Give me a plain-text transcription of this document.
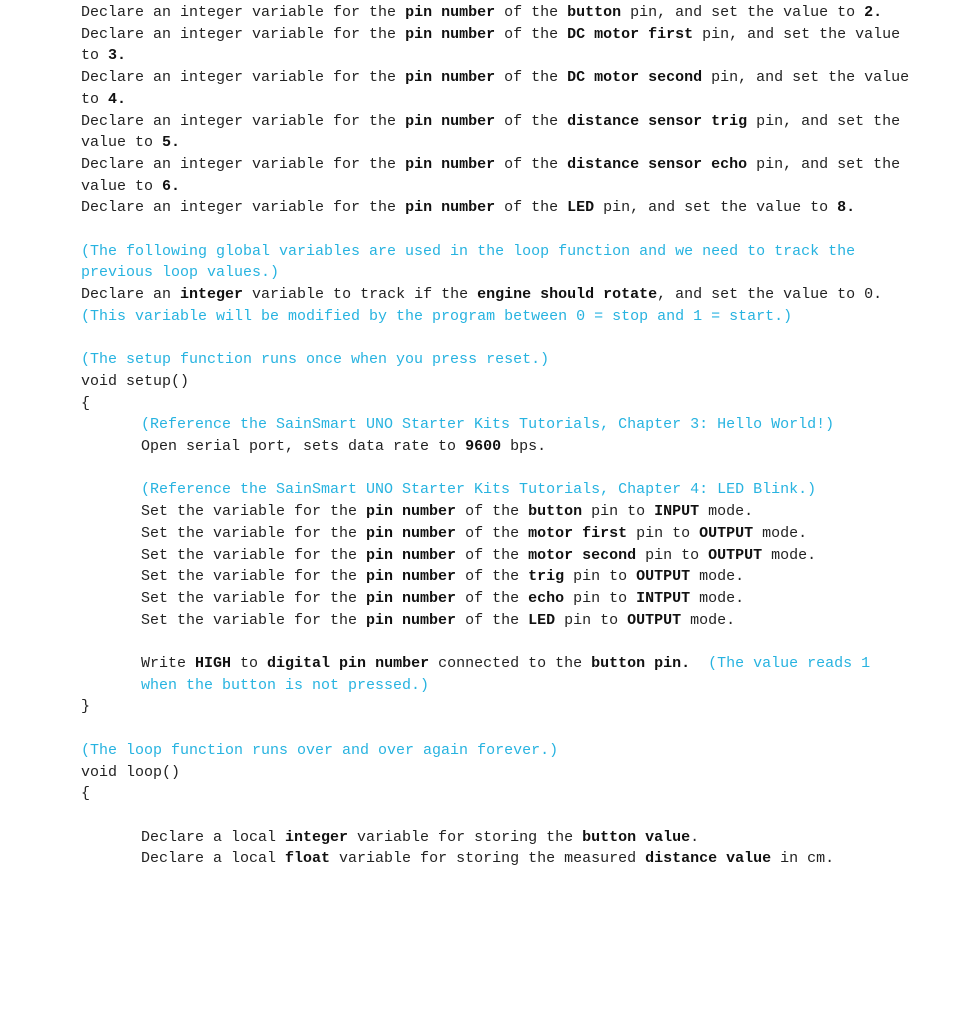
Declare an integer variable for the pin number of the button pin, and set the value to 2.
Declare an integer variable for the pin number of the DC motor first pin, and set the value to 3.
Declare an integer variable for the pin number of the DC motor second pin, and set the value to 4.
Declare an integer variable for the pin number of the distance sensor trig pin, and set the value to 5.
Declare an integer variable for the pin number of the distance sensor echo pin, and set the value to 6.
Declare an integer variable for the pin number of the LED pin, and set the value to 8.
(The following global variables are used in the loop function and we need to track the previous loop values.)
Declare an integer variable to track if the engine should rotate, and set the value to 0.  (This variable will be modified by the program between 0 = stop and 1 = start.)
(The setup function runs once when you press reset.)
void setup()
{
(Reference the SainSmart UNO Starter Kits Tutorials, Chapter 3: Hello World!)
Open serial port, sets data rate to 9600 bps.
(Reference the SainSmart UNO Starter Kits Tutorials, Chapter 4: LED Blink.)
Set the variable for the pin number of the button pin to INPUT mode.
Set the variable for the pin number of the motor first pin to OUTPUT mode.
Set the variable for the pin number of the motor second pin to OUTPUT mode.
Set the variable for the pin number of the trig pin to OUTPUT mode.
Set the variable for the pin number of the echo pin to INTPUT mode.
Set the variable for the pin number of the LED pin to OUTPUT mode.
Write HIGH to digital pin number connected to the button pin. (The value reads 1 when the button is not pressed.)
}
(The loop function runs over and over again forever.)
void loop()
{
Declare a local integer variable for storing the button value.
Declare a local float variable for storing the measured distance value in cm.
